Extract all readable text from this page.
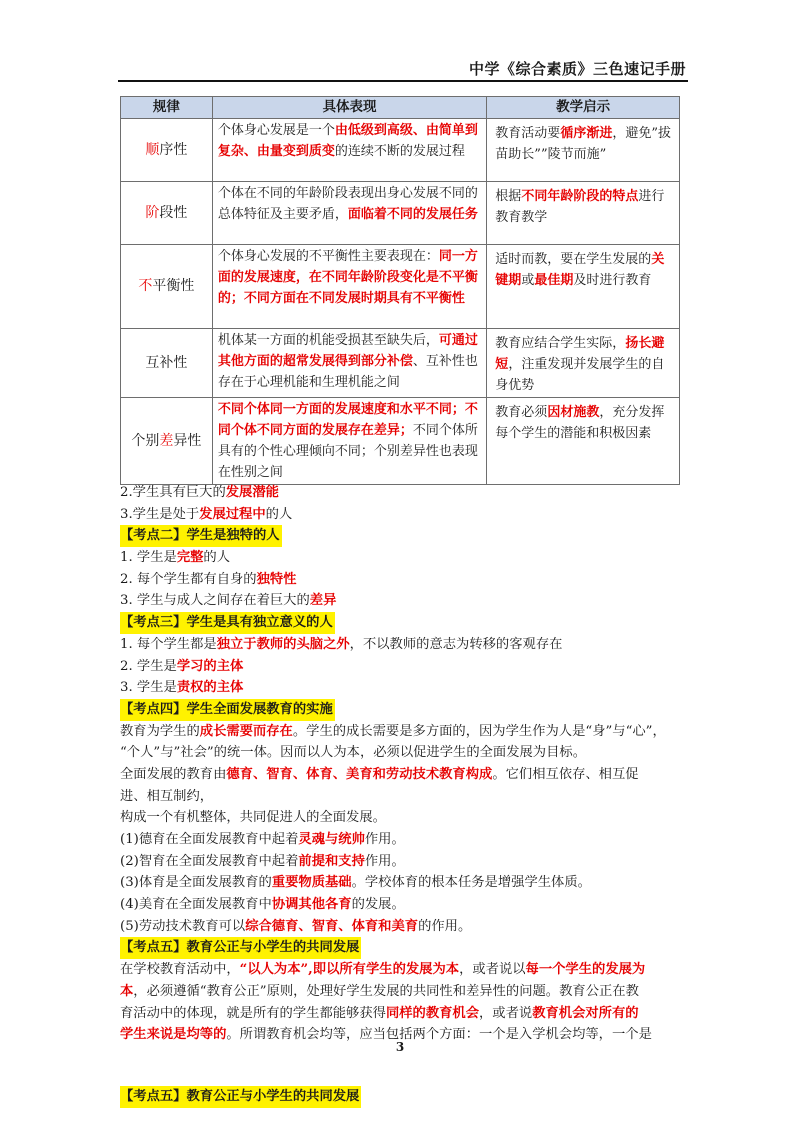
中学《综合素质》三色速记手册
规律	具体表现	教学启示
顺序性	个体身心发展是一个由低级到高级、由简单到复杂、由量变到质变的连续不断的发展过程	教育活动要循序渐进，避免”拔苗助长””陵节而施”
阶段性	个体在不同的年龄阶段表现出身心发展不同的总体特征及主要矛盾，面临着不同的发展任务	根据不同年龄阶段的特点进行教育教学
不平衡性	个体身心发展的不平衡性主要表现在：同一方面的发展速度，在不同年龄阶段变化是不平衡的；不同方面在不同发展时期具有不平衡性	适时而教，要在学生发展的关键期或最佳期及时进行教育
互补性	机体某一方面的机能受损甚至缺失后，可通过其他方面的超常发展得到部分补偿、互补性也存在于心理机能和生理机能之间	教育应结合学生实际，扬长避短，注重发现并发展学生的自身优势
个别差异性	不同个体同一方面的发展速度和水平不同；不同个体不同方面的发展存在差异；不同个体所具有的个性心理倾向不同；个别差异性也表现在性别之间	教育必须因材施教，充分发挥每个学生的潜能和积极因素
2.学生具有巨大的发展潜能
3.学生是处于发展过程中的人
【考点二】学生是独特的人
1. 学生是完整的人
2. 每个学生都有自身的独特性
3. 学生与成人之间存在着巨大的差异
【考点三】学生是具有独立意义的人
1. 每个学生都是独立于教师的头脑之外，不以教师的意志为转移的客观存在
2. 学生是学习的主体
3. 学生是责权的主体
【考点四】学生全面发展教育的实施
教育为学生的成长需要而存在。学生的成长需要是多方面的，因为学生作为人是“身”与“心”，
“个人”与”社会”的统一体。因而以人为本，必须以促进学生的全面发展为目标。
全面发展的教育由德育、智育、体育、美育和劳动技术教育构成。它们相互依存、相互促
进、相互制约，
构成一个有机整体，共同促进人的全面发展。
(1)德育在全面发展教育中起着灵魂与统帅作用。
(2)智育在全面发展教育中起着前提和支持作用。
(3)体育是全面发展教育的重要物质基础。学校体育的根本任务是增强学生体质。
(4)美育在全面发展教育中协调其他各育的发展。
(5)劳动技术教育可以综合德育、智育、体育和美育的作用。
【考点五】教育公正与小学生的共同发展
在学校教育活动中，“以人为本”,即以所有学生的发展为本，或者说以每一个学生的发展为
本，必须遵循“教育公正”原则，处理好学生发展的共同性和差异性的问题。教育公正在教
育活动中的体现，就是所有的学生都能够获得同样的教育机会，或者说教育机会对所有的
学生来说是均等的。所谓教育机会均等，应当包括两个方面：一个是入学机会均等，一个是
3
【考点五】教育公正与小学生的共同发展
